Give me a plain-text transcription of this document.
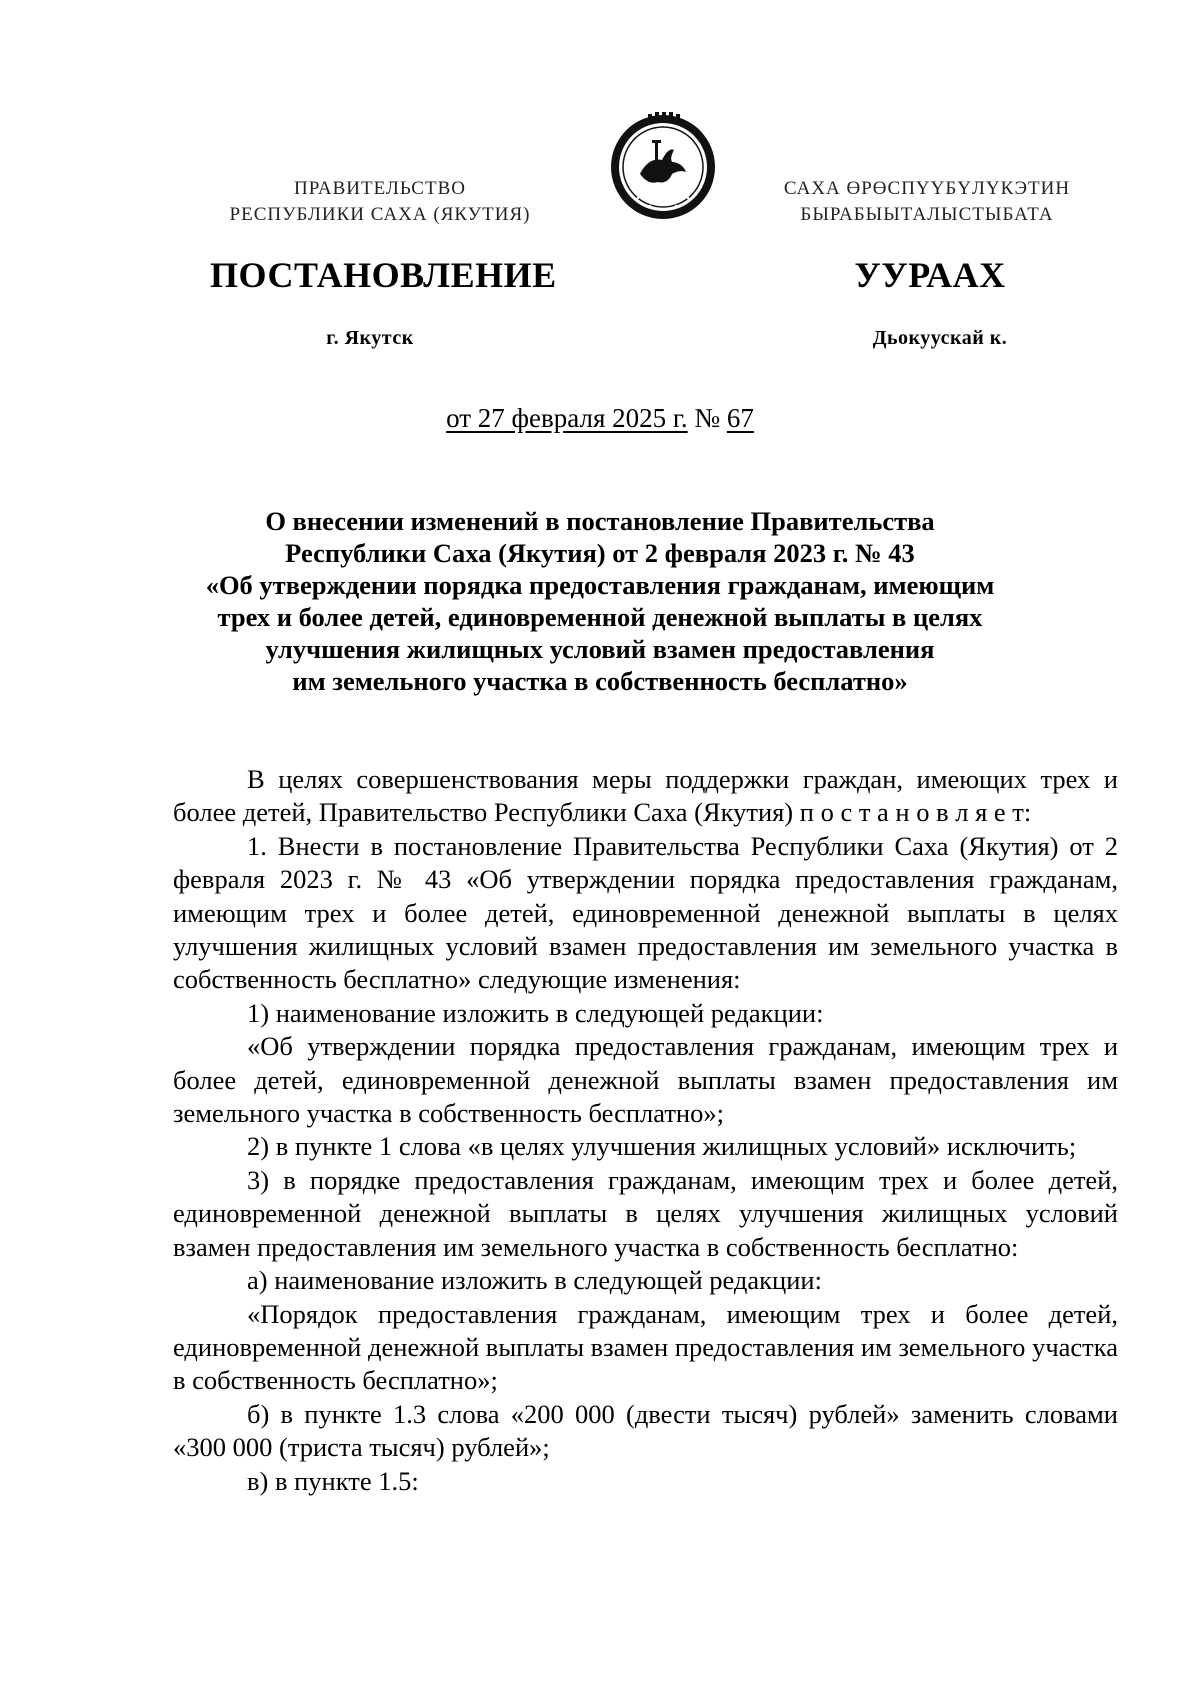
ПРАВИТЕЛЬСТВО
РЕСПУБЛИКИ САХА (ЯКУТИЯ)
САХА ӨРӨСПҮҮБҮЛҮКЭТИН
БЫРАБЫЫТАЛЫСТЫБАТА
ПОСТАНОВЛЕНИЕ	УУРААХ
г. Якутск	Дьокуускай к.
от 27 февраля 2025 г. № 67
О внесении изменений в постановление Правительства
Республики Саха (Якутия) от 2 февраля 2023 г. № 43
«Об утверждении порядка предоставления гражданам, имеющим
трех и более детей, единовременной денежной выплаты в целях
улучшения жилищных условий взамен предоставления
им земельного участка в собственность бесплатно»

В целях совершенствования меры поддержки граждан, имеющих трех и более детей, Правительство Республики Саха (Якутия) п о с т а н о в л я е т:

1. Внести в постановление Правительства Республики Саха (Якутия) от 2 февраля 2023 г. № 43 «Об утверждении порядка предоставления гражданам, имеющим трех и более детей, единовременной денежной выплаты в целях улучшения жилищных условий взамен предоставления им земельного участка в собственность бесплатно» следующие изменения:

1) наименование изложить в следующей редакции:

«Об утверждении порядка предоставления гражданам, имеющим трех и более детей, единовременной денежной выплаты взамен предоставления им земельного участка в собственность бесплатно»;

2) в пункте 1 слова «в целях улучшения жилищных условий» исключить;

3) в порядке предоставления гражданам, имеющим трех и более детей, единовременной денежной выплаты в целях улучшения жилищных условий взамен предоставления им земельного участка в собственность бесплатно:

а) наименование изложить в следующей редакции:

«Порядок предоставления гражданам, имеющим трех и более детей, единовременной денежной выплаты взамен предоставления им земельного участка в собственность бесплатно»;

б) в пункте 1.3 слова «200 000 (двести тысяч) рублей» заменить словами «300 000 (триста тысяч) рублей»;

в) в пункте 1.5:
